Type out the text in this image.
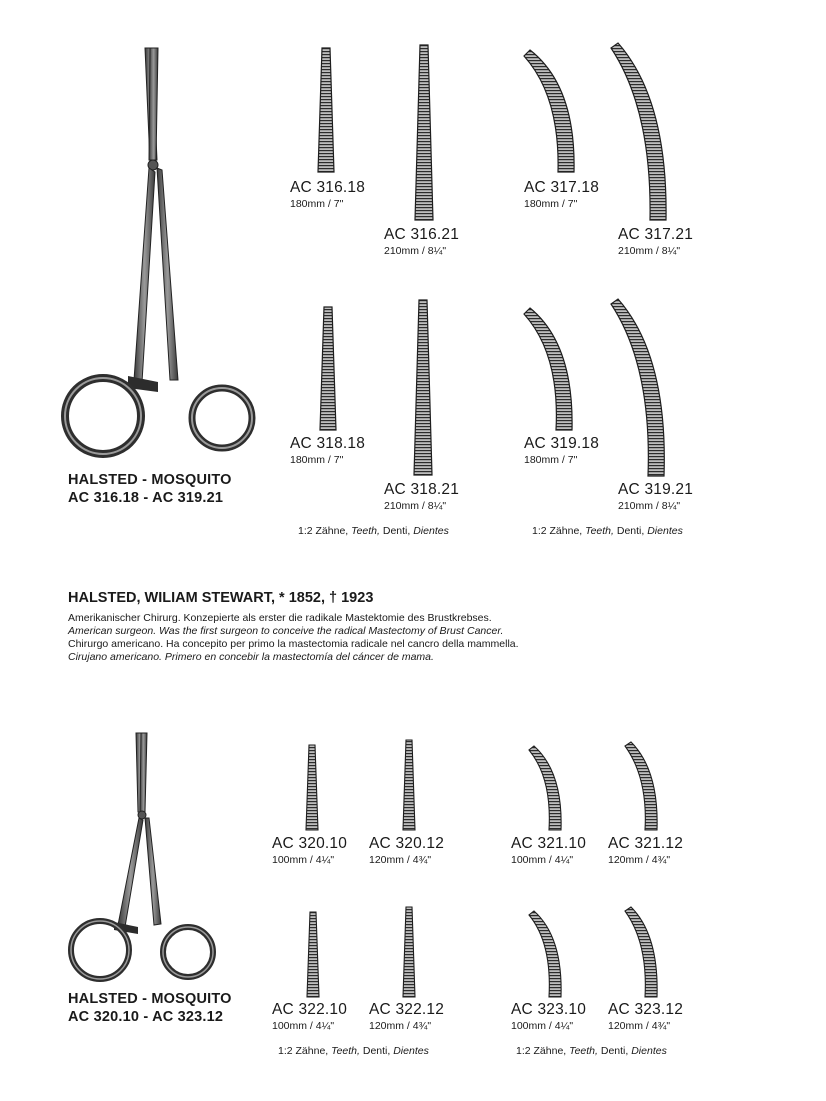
HALSTED - MOSQUITO
AC 316.18 - AC 319.21
AC 316.18
180mm / 7"
AC 316.21
210mm / 8¼"
AC 317.18
180mm / 7"
AC 317.21
210mm / 8¼"
AC 318.18
180mm / 7"
AC 318.21
210mm / 8¼"
AC 319.18
180mm / 7"
AC 319.21
210mm / 8¼"
1:2 Zähne, Teeth, Denti, Dientes	1:2 Zähne, Teeth, Denti, Dientes
HALSTED, WILIAM STEWART, * 1852, † 1923
Amerikanischer Chirurg. Konzepierte als erster die radikale Mastektomie des Brustkrebses.
American surgeon. Was the first surgeon to conceive the radical Mastectomy of Brust Cancer.
Chirurgo americano. Ha concepito per primo la mastectomia radicale nel cancro della mammella.
Cirujano americano. Primero en concebir la mastectomía del cáncer de mama.
HALSTED - MOSQUITO
AC 320.10 - AC 323.12
AC 320.10
100mm / 4¼"
AC 320.12
120mm / 4¾"
AC 321.10
100mm / 4¼"
AC 321.12
120mm / 4¾"
AC 322.10
100mm / 4¼"
AC 322.12
120mm / 4¾"
AC 323.10
100mm / 4¼"
AC 323.12
120mm / 4¾"
1:2 Zähne, Teeth, Denti, Dientes	1:2 Zähne, Teeth, Denti, Dientes
